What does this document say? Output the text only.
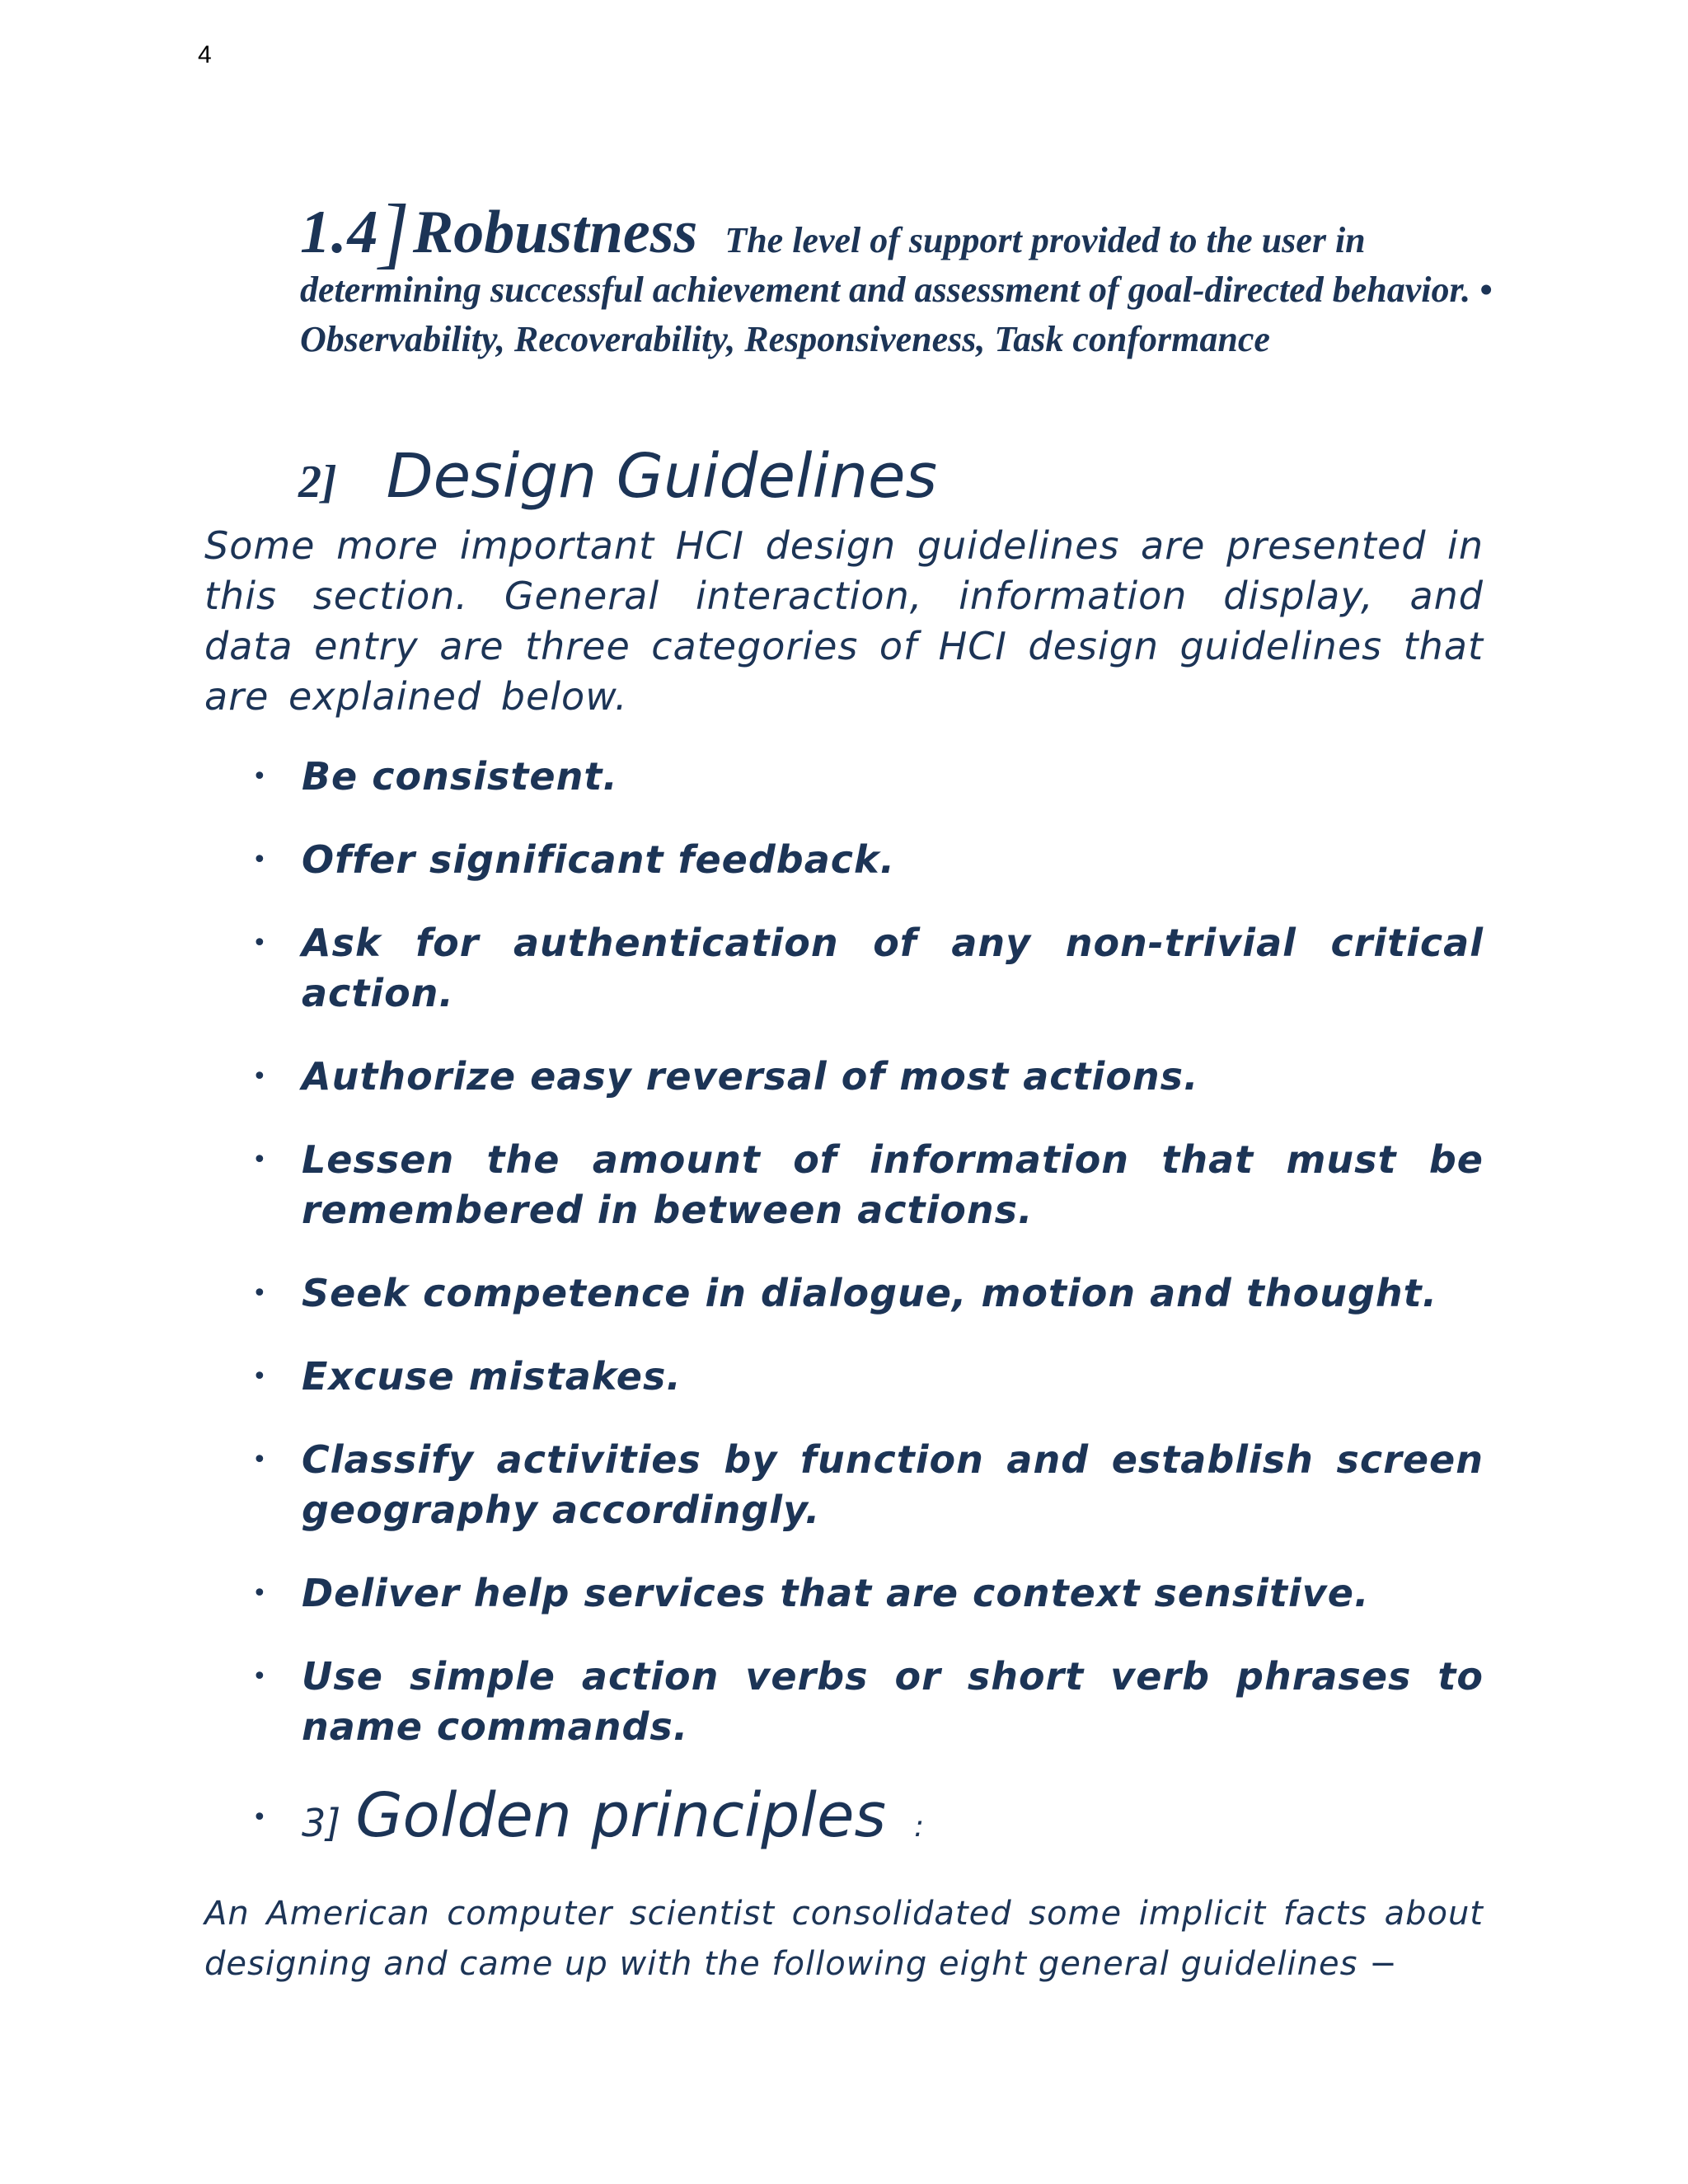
4
1.4]Robustness The level of support provided to the user in determining successful achievement and assessment of goal-directed behavior. • Observability, Recoverability, Responsiveness, Task conformance
2] Design Guidelines

Some more important HCI design guidelines are presented in this section. General interaction, information display, and data entry are three categories of HCI design guidelines that are explained below.

• Be consistent.
• Offer significant feedback.
• Ask for authentication of any non-trivial critical action.
• Authorize easy reversal of most actions.
• Lessen the amount of information that must be remembered in between actions.
• Seek competence in dialogue, motion and thought.
• Excuse mistakes.
• Classify activities by function and establish screen geography accordingly.
• Deliver help services that are context sensitive.
• Use simple action verbs or short verb phrases to name commands.
• 3] Golden principles :

An American computer scientist consolidated some implicit facts about designing and came up with the following eight general guidelines −
